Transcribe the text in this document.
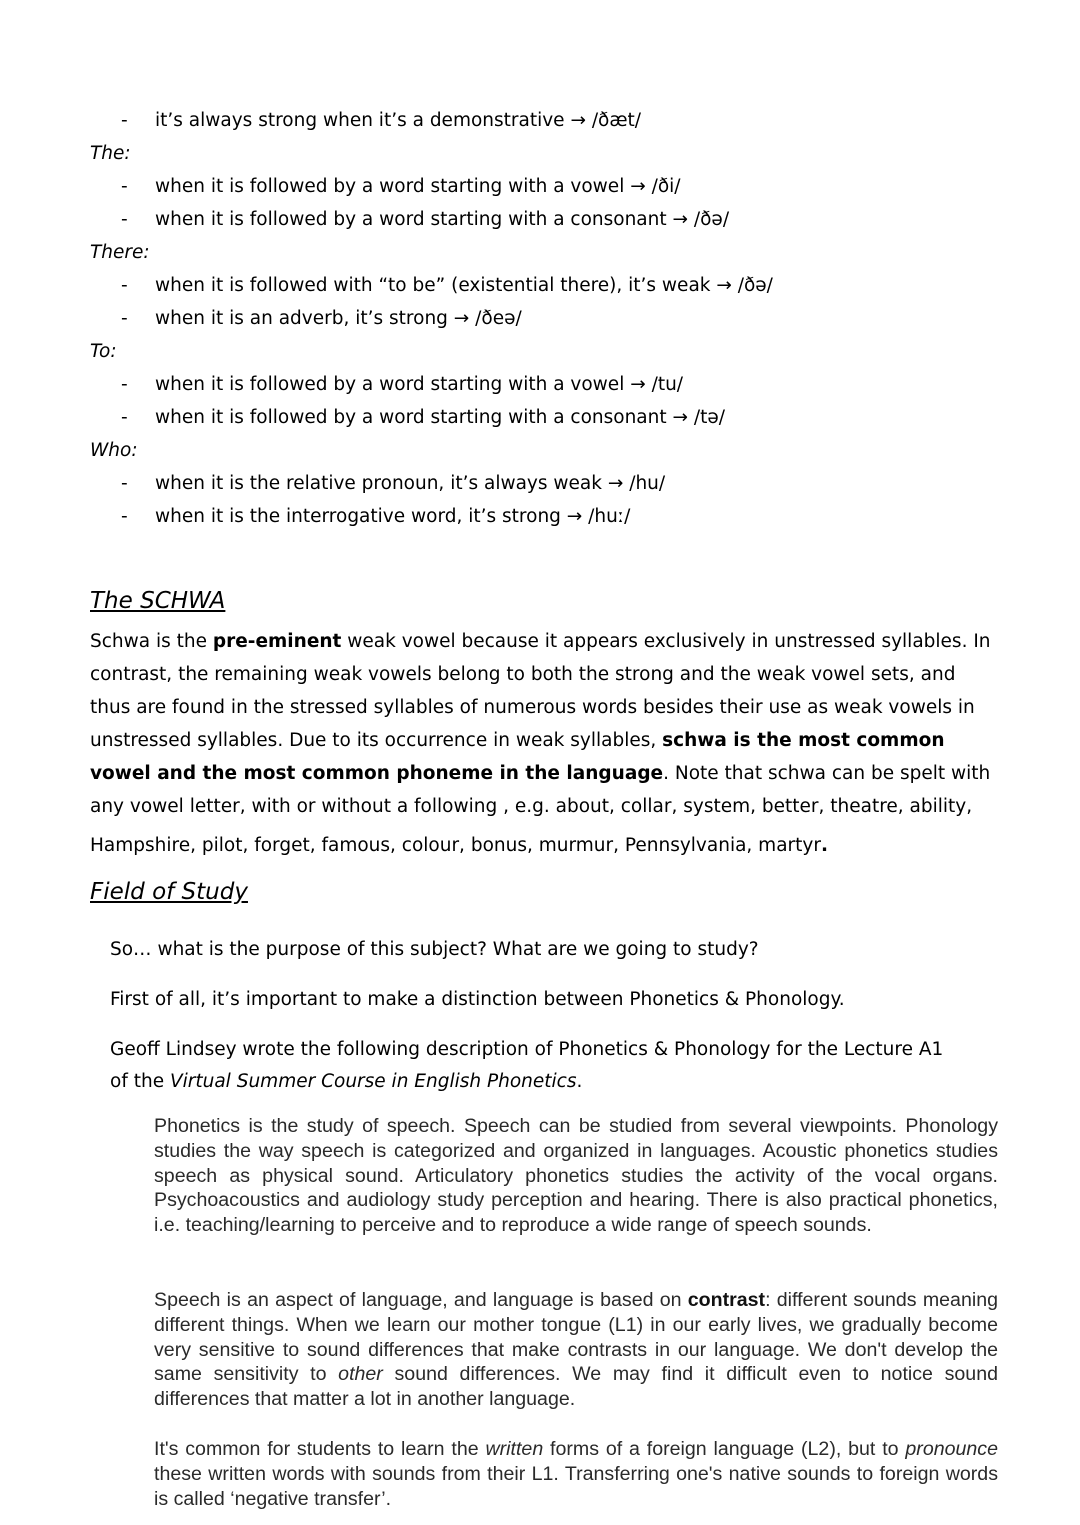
- it’s always strong when it’s a demonstrative → /ðæt/
The:
- when it is followed by a word starting with a vowel → /ði/
- when it is followed by a word starting with a consonant → /ðə/
There:
- when it is followed with “to be” (existential there), it’s weak → /ðə/
- when it is an adverb, it’s strong → /ðeə/
To:
- when it is followed by a word starting with a vowel → /tu/
- when it is followed by a word starting with a consonant → /tə/
Who:
- when it is the relative pronoun, it’s always weak → /hu/
- when it is the interrogative word, it’s strong → /huː/
The SCHWA
Schwa is the pre-eminent weak vowel because it appears exclusively in unstressed syllables. In contrast, the remaining weak vowels belong to both the strong and the weak vowel sets, and thus are found in the stressed syllables of numerous words besides their use as weak vowels in unstressed syllables. Due to its occurrence in weak syllables, schwa is the most common vowel and the most common phoneme in the language. Note that schwa can be spelt with any vowel letter, with or without a following , e.g. about, collar, system, better, theatre, ability,
Hampshire, pilot, forget, famous, colour, bonus, murmur, Pennsylvania, martyr.
Field of Study
So… what is the purpose of this subject? What are we going to study?
First of all, it’s important to make a distinction between Phonetics & Phonology.
Geoff Lindsey wrote the following description of Phonetics & Phonology for the Lecture A1
of the Virtual Summer Course in English Phonetics.

Phonetics is the study of speech. Speech can be studied from several viewpoints. Phonology studies the way speech is categorized and organized in languages. Acoustic phonetics studies speech as physical sound. Articulatory phonetics studies the activity of the vocal organs. Psychoacoustics and audiology study perception and hearing. There is also practical phonetics, i.e. teaching/learning to perceive and to reproduce a wide range of speech sounds.

Speech is an aspect of language, and language is based on contrast: different sounds meaning different things. When we learn our mother tongue (L1) in our early lives, we gradually become very sensitive to sound differences that make contrasts in our language. We don't develop the same sensitivity to other sound differences. We may find it difficult even to notice sound differences that matter a lot in another language.

It's common for students to learn the written forms of a foreign language (L2), but to pronounce these written words with sounds from their L1. Transferring one's native sounds to foreign words is called ‘negative transfer’.
